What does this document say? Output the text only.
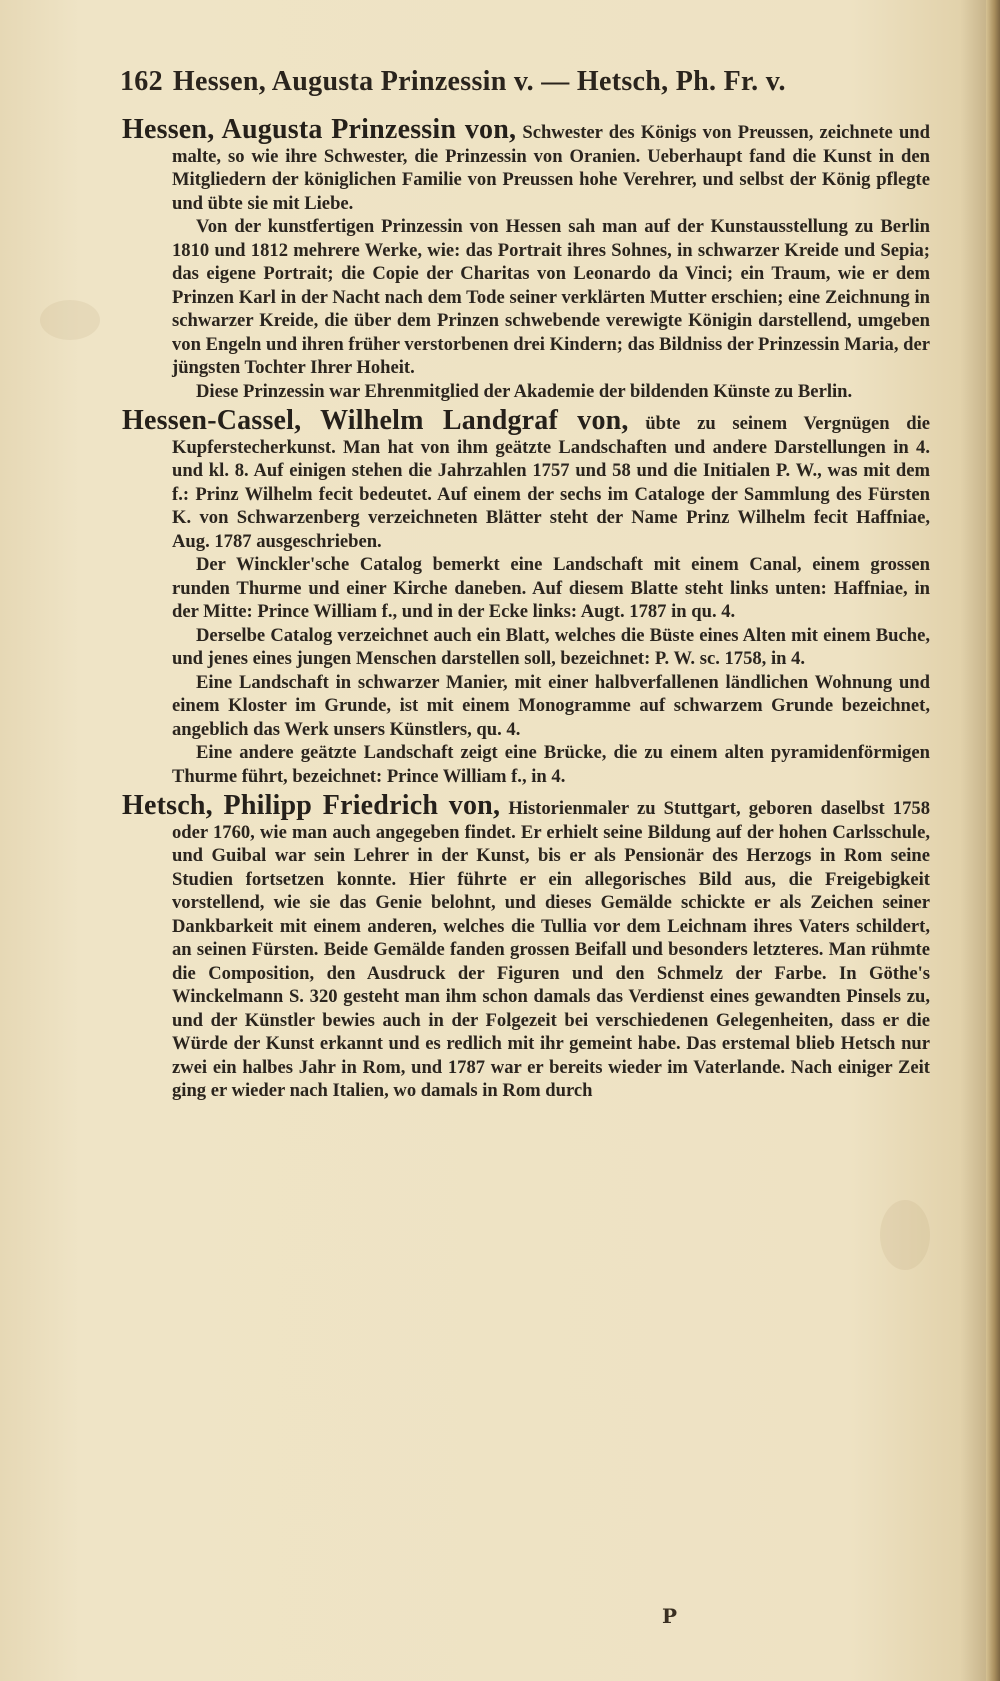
162 Hessen, Augusta Prinzessin v. — Hetsch, Ph. Fr. v.

Hessen, Augusta Prinzessin von, Schwester des Königs von Preussen, zeichnete und malte, so wie ihre Schwester, die Prinzessin von Oranien. Ueberhaupt fand die Kunst in den Mitgliedern der königlichen Familie von Preussen hohe Verehrer, und selbst der König pflegte und übte sie mit Liebe.

Von der kunstfertigen Prinzessin von Hessen sah man auf der Kunstausstellung zu Berlin 1810 und 1812 mehrere Werke, wie: das Portrait ihres Sohnes, in schwarzer Kreide und Sepia; das eigene Portrait; die Copie der Charitas von Leonardo da Vinci; ein Traum, wie er dem Prinzen Karl in der Nacht nach dem Tode seiner verklärten Mutter erschien; eine Zeichnung in schwarzer Kreide, die über dem Prinzen schwebende verewigte Königin darstellend, umgeben von Engeln und ihren früher verstorbenen drei Kindern; das Bildniss der Prinzessin Maria, der jüngsten Tochter Ihrer Hoheit.

Diese Prinzessin war Ehrenmitglied der Akademie der bildenden Künste zu Berlin.

Hessen-Cassel, Wilhelm Landgraf von, übte zu seinem Vergnügen die Kupferstecherkunst. Man hat von ihm geätzte Landschaften und andere Darstellungen in 4. und kl. 8. Auf einigen stehen die Jahrzahlen 1757 und 58 und die Initialen P. W., was mit dem f.: Prinz Wilhelm fecit bedeutet. Auf einem der sechs im Cataloge der Sammlung des Fürsten K. von Schwarzenberg verzeichneten Blätter steht der Name Prinz Wilhelm fecit Haffniae, Aug. 1787 ausgeschrieben.

Der Winckler'sche Catalog bemerkt eine Landschaft mit einem Canal, einem grossen runden Thurme und einer Kirche daneben. Auf diesem Blatte steht links unten: Haffniae, in der Mitte: Prince William f., und in der Ecke links: Augt. 1787 in qu. 4.

Derselbe Catalog verzeichnet auch ein Blatt, welches die Büste eines Alten mit einem Buche, und jenes eines jungen Menschen darstellen soll, bezeichnet: P. W. sc. 1758, in 4.

Eine Landschaft in schwarzer Manier, mit einer halbverfallenen ländlichen Wohnung und einem Kloster im Grunde, ist mit einem Monogramme auf schwarzem Grunde bezeichnet, angeblich das Werk unsers Künstlers, qu. 4.

Eine andere geätzte Landschaft zeigt eine Brücke, die zu einem alten pyramidenförmigen Thurme führt, bezeichnet: Prince William f., in 4.

Hetsch, Philipp Friedrich von, Historienmaler zu Stuttgart, geboren daselbst 1758 oder 1760, wie man auch angegeben findet. Er erhielt seine Bildung auf der hohen Carlsschule, und Guibal war sein Lehrer in der Kunst, bis er als Pensionär des Herzogs in Rom seine Studien fortsetzen konnte. Hier führte er ein allegorisches Bild aus, die Freigebigkeit vorstellend, wie sie das Genie belohnt, und dieses Gemälde schickte er als Zeichen seiner Dankbarkeit mit einem anderen, welches die Tullia vor dem Leichnam ihres Vaters schildert, an seinen Fürsten. Beide Gemälde fanden grossen Beifall und besonders letzteres. Man rühmte die Composition, den Ausdruck der Figuren und den Schmelz der Farbe. In Göthe's Winckelmann S. 320 gesteht man ihm schon damals das Verdienst eines gewandten Pinsels zu, und der Künstler bewies auch in der Folgezeit bei verschiedenen Gelegenheiten, dass er die Würde der Kunst erkannt und es redlich mit ihr gemeint habe. Das erstemal blieb Hetsch nur zwei ein halbes Jahr in Rom, und 1787 war er bereits wieder im Vaterlande. Nach einiger Zeit ging er wieder nach Italien, wo damals in Rom durch

P
